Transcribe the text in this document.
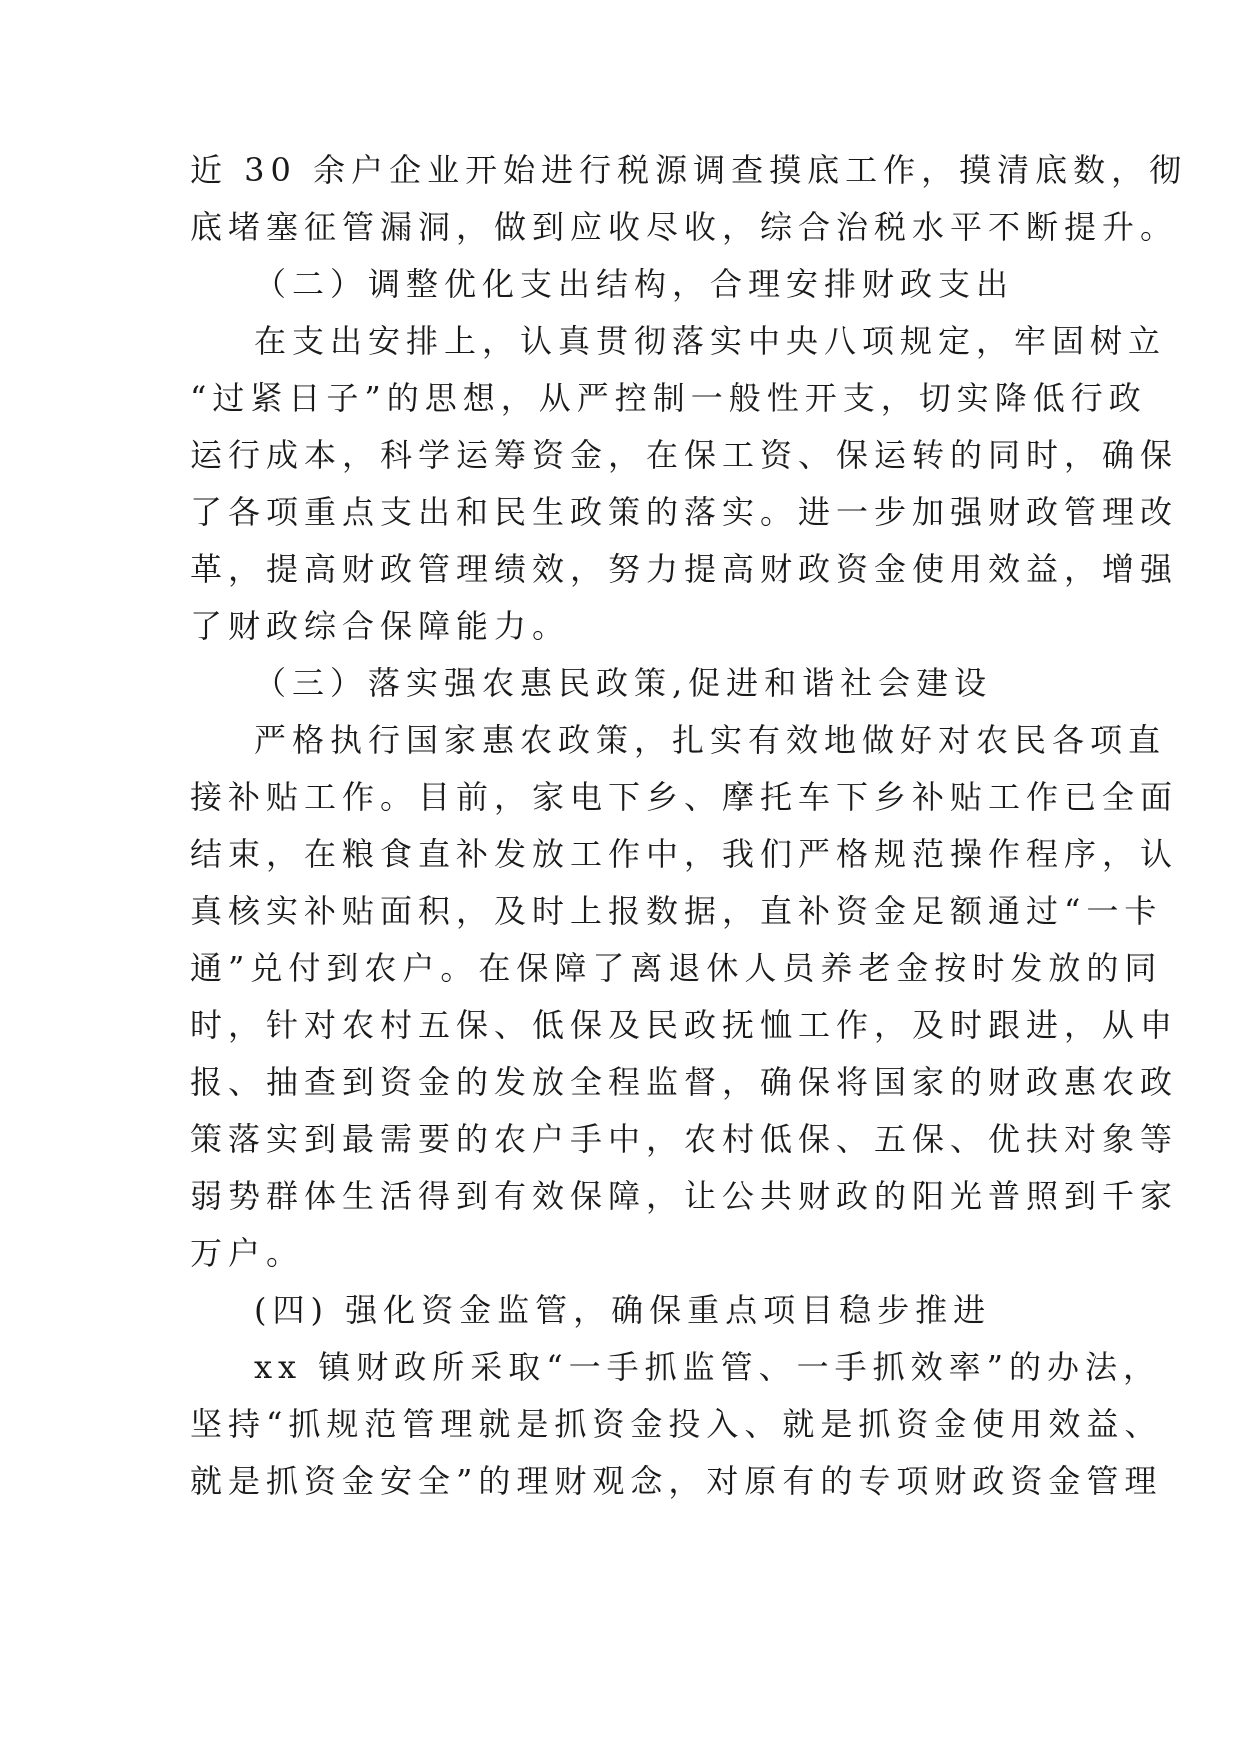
近 30 余户企业开始进行税源调查摸底工作，摸清底数，彻
底堵塞征管漏洞，做到应收尽收，综合治税水平不断提升。
（二）调整优化支出结构，合理安排财政支出
在支出安排上，认真贯彻落实中央八项规定，牢固树立
“过紧日子”的思想，从严控制一般性开支，切实降低行政
运行成本，科学运筹资金，在保工资、保运转的同时，确保
了各项重点支出和民生政策的落实。进一步加强财政管理改
革，提高财政管理绩效，努力提高财政资金使用效益，增强
了财政综合保障能力。
（三）落实强农惠民政策,促进和谐社会建设
严格执行国家惠农政策，扎实有效地做好对农民各项直
接补贴工作。目前，家电下乡、摩托车下乡补贴工作已全面
结束，在粮食直补发放工作中，我们严格规范操作程序，认
真核实补贴面积，及时上报数据，直补资金足额通过“一卡
通”兑付到农户。在保障了离退休人员养老金按时发放的同
时，针对农村五保、低保及民政抚恤工作，及时跟进，从申
报、抽查到资金的发放全程监督，确保将国家的财政惠农政
策落实到最需要的农户手中，农村低保、五保、优扶对象等
弱势群体生活得到有效保障，让公共财政的阳光普照到千家
万户。
(四) 强化资金监管，确保重点项目稳步推进
xx 镇财政所采取“一手抓监管、一手抓效率”的办法，
坚持“抓规范管理就是抓资金投入、就是抓资金使用效益、
就是抓资金安全”的理财观念，对原有的专项财政资金管理
